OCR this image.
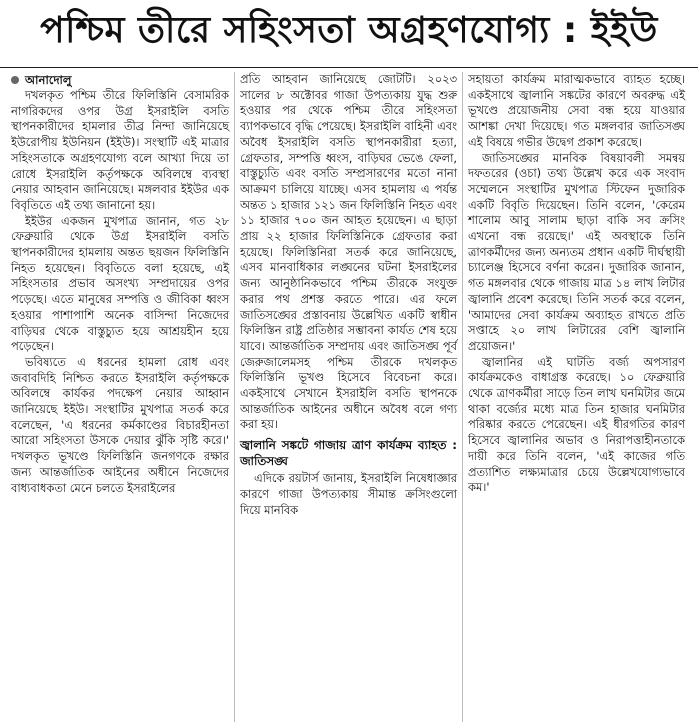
পশ্চিম তীরে সহিংসতা অগ্রহণযোগ্য : ইইউ
আনাদোলু

দখলকৃত পশ্চিম তীরে ফিলিস্তিনি বেসামরিক নাগরিকদের ওপর উগ্র ইসরাইলি বসতি স্থাপনকারীদের হামলার তীব্র নিন্দা জানিয়েছে ইউরোপীয় ইউনিয়ন (ইইউ)। সংস্থাটি এই মাত্রার সহিংসতাকে অগ্রহণযোগ্য বলে আখ্যা দিয়ে তা রোধে ইসরাইলি কর্তৃপক্ষকে অবিলম্বে ব্যবস্থা নেয়ার আহবান জানিয়েছে। মঙ্গলবার ইইউর এক বিবৃতিতে এই তথ্য জানানো হয়।

ইইউর একজন মুখপাত্র জানান, গত ২৮ ফেব্রুয়ারি থেকে উগ্র ইসরাইলি বসতি স্থাপনকারীদের হামলায় অন্তত ছয়জন ফিলিস্তিনি নিহত হয়েছেন। বিবৃতিতে বলা হয়েছে, এই সহিংসতার প্রভাব অসংখ্য সম্প্রদায়ের ওপর পড়েছে। এতে মানুষের সম্পত্তি ও জীবিকা ধ্বংস হওয়ার পাশাপাশি অনেক বাসিন্দা নিজেদের বাড়িঘর থেকে বাস্তুচ্যুত হয়ে আশ্রয়হীন হয়ে পড়েছেন।

ভবিষ্যতে এ ধরনের হামলা রোধ এবং জবাবদিহি নিশ্চিত করতে ইসরাইলি কর্তৃপক্ষকে অবিলম্বে কার্যকর পদক্ষেপ নেয়ার আহ্বান জানিয়েছে ইইউ। সংস্থাটির মুখপাত্র সতর্ক করে বলেছেন, 'এ ধরনের কর্মকাণ্ডের বিচারহীনতা আরো সহিংসতা উসকে দেয়ার ঝুঁকি সৃষ্টি করে।' দখলকৃত ভূখণ্ডে ফিলিস্তিনি জনগণকে রক্ষার জন্য আন্তর্জাতিক আইনের অধীনে নিজেদের বাধ্যবাধকতা মেনে চলতে ইসরাইলের

প্রতি আহবান জানিয়েছে জোটটি। ২০২৩ সালের ৮ অক্টোবর গাজা উপত্যকায় যুদ্ধ শুরু হওয়ার পর থেকে পশ্চিম তীরে সহিংসতা ব্যাপকভাবে বৃদ্ধি পেয়েছে। ইসরাইলি বাহিনী এবং অবৈধ ইসরাইলি বসতি স্থাপনকারীরা হত্যা, গ্রেফতার, সম্পত্তি ধ্বংস, বাড়িঘর ভেঙে ফেলা, বাস্তুচ্যুতি এবং বসতি সম্প্রসারণের মতো নানা আক্রমণ চালিয়ে যাচ্ছে। এসব হামলায় এ পর্যন্ত অন্তত ১ হাজার ১২১ জন ফিলিস্তিনি নিহত এবং ১১ হাজার ৭০০ জন আহত হয়েছেন। এ ছাড়া প্রায় ২২ হাজার ফিলিস্তিনিকে গ্রেফতার করা হয়েছে। ফিলিস্তিনিরা সতর্ক করে জানিয়েছে, এসব মানবাধিকার লঙ্ঘনের ঘটনা ইসরাইলের জন্য আনুষ্ঠানিকভাবে পশ্চিম তীরকে সংযুক্ত করার পথ প্রশস্ত করতে পারে। এর ফলে জাতিসঙ্ঘের প্রস্তাবনায় উল্লেখিত একটি স্বাধীন ফিলিস্তিন রাষ্ট্র প্রতিষ্ঠার সম্ভাবনা কার্যত শেষ হয়ে যাবে। আন্তর্জাতিক সম্প্রদায় এবং জাতিসঙ্ঘ পূর্ব জেরুজালেমসহ পশ্চিম তীরকে দখলকৃত ফিলিস্তিনি ভূখণ্ড হিসেবে বিবেচনা করে। একইসাথে সেখানে ইসরাইলি বসতি স্থাপনকে আন্তর্জাতিক আইনের অধীনে অবৈধ বলে গণ্য করা হয়।

জ্বালানি সঙ্কটে গাজায় ত্রাণ কার্যক্রম ব্যাহত : জাতিসঙ্ঘ

এদিকে রয়টার্স জানায়, ইসরাইলি নিষেধাজ্ঞার কারণে গাজা উপত্যকায় সীমান্ত ক্রসিংগুলো দিয়ে মানবিক

সহায়তা কার্যক্রম মারাত্মকভাবে ব্যাহত হচ্ছে। একইসাথে জ্বালানি সঙ্কটের কারণে অবরুদ্ধ এই ভূখণ্ডে প্রয়োজনীয় সেবা বন্ধ হয়ে যাওয়ার আশঙ্কা দেখা দিয়েছে। গত মঙ্গলবার জাতিসঙ্ঘ এই বিষয়ে গভীর উদ্বেগ প্রকাশ করেছে।

জাতিসঙ্ঘের মানবিক বিষয়াবলী সমন্বয় দফতরের (ওচা) তথ্য উল্লেখ করে এক সংবাদ সম্মেলনে সংস্থাটির মুখপাত্র স্টিফেন দুজারিক একটি বিবৃতি দিয়েছেন। তিনি বলেন, 'কেরেম শালোম আবু সালাম ছাড়া বাকি সব ক্রসিং এখনো বন্ধ রয়েছে।' এই অবস্থাকে তিনি ত্রাণকর্মীদের জন্য অন্যতম প্রধান একটি দীর্ঘস্থায়ী চ্যালেঞ্জ হিসেবে বর্ণনা করেন। দুজারিক জানান, গত মঙ্গলবার থেকে গাজায় মাত্র ১৪ লাখ লিটার জ্বালানি প্রবেশ করেছে। তিনি সতর্ক করে বলেন, 'আমাদের সেবা কার্যক্রম অব্যাহত রাখতে প্রতি সপ্তাহে ২০ লাখ লিটারের বেশি জ্বালানি প্রয়োজন।'

জ্বালানির এই ঘাটতি বর্জ্য অপসারণ কার্যক্রমকেও বাধাগ্রস্ত করেছে। ১০ ফেব্রুয়ারি থেকে ত্রাণকর্মীরা সাড়ে তিন লাখ ঘনমিটার জমে থাকা বর্জ্যের মধ্যে মাত্র তিন হাজার ঘনমিটার পরিষ্কার করতে পেরেছেন। এই ধীরগতির কারণ হিসেবে জ্বালানির অভাব ও নিরাপত্তাহীনতাকে দায়ী করে তিনি বলেন, 'এই কাজের গতি প্রত্যাশিত লক্ষ্যমাত্রার চেয়ে উল্লেখযোগ্যভাবে কম।'
